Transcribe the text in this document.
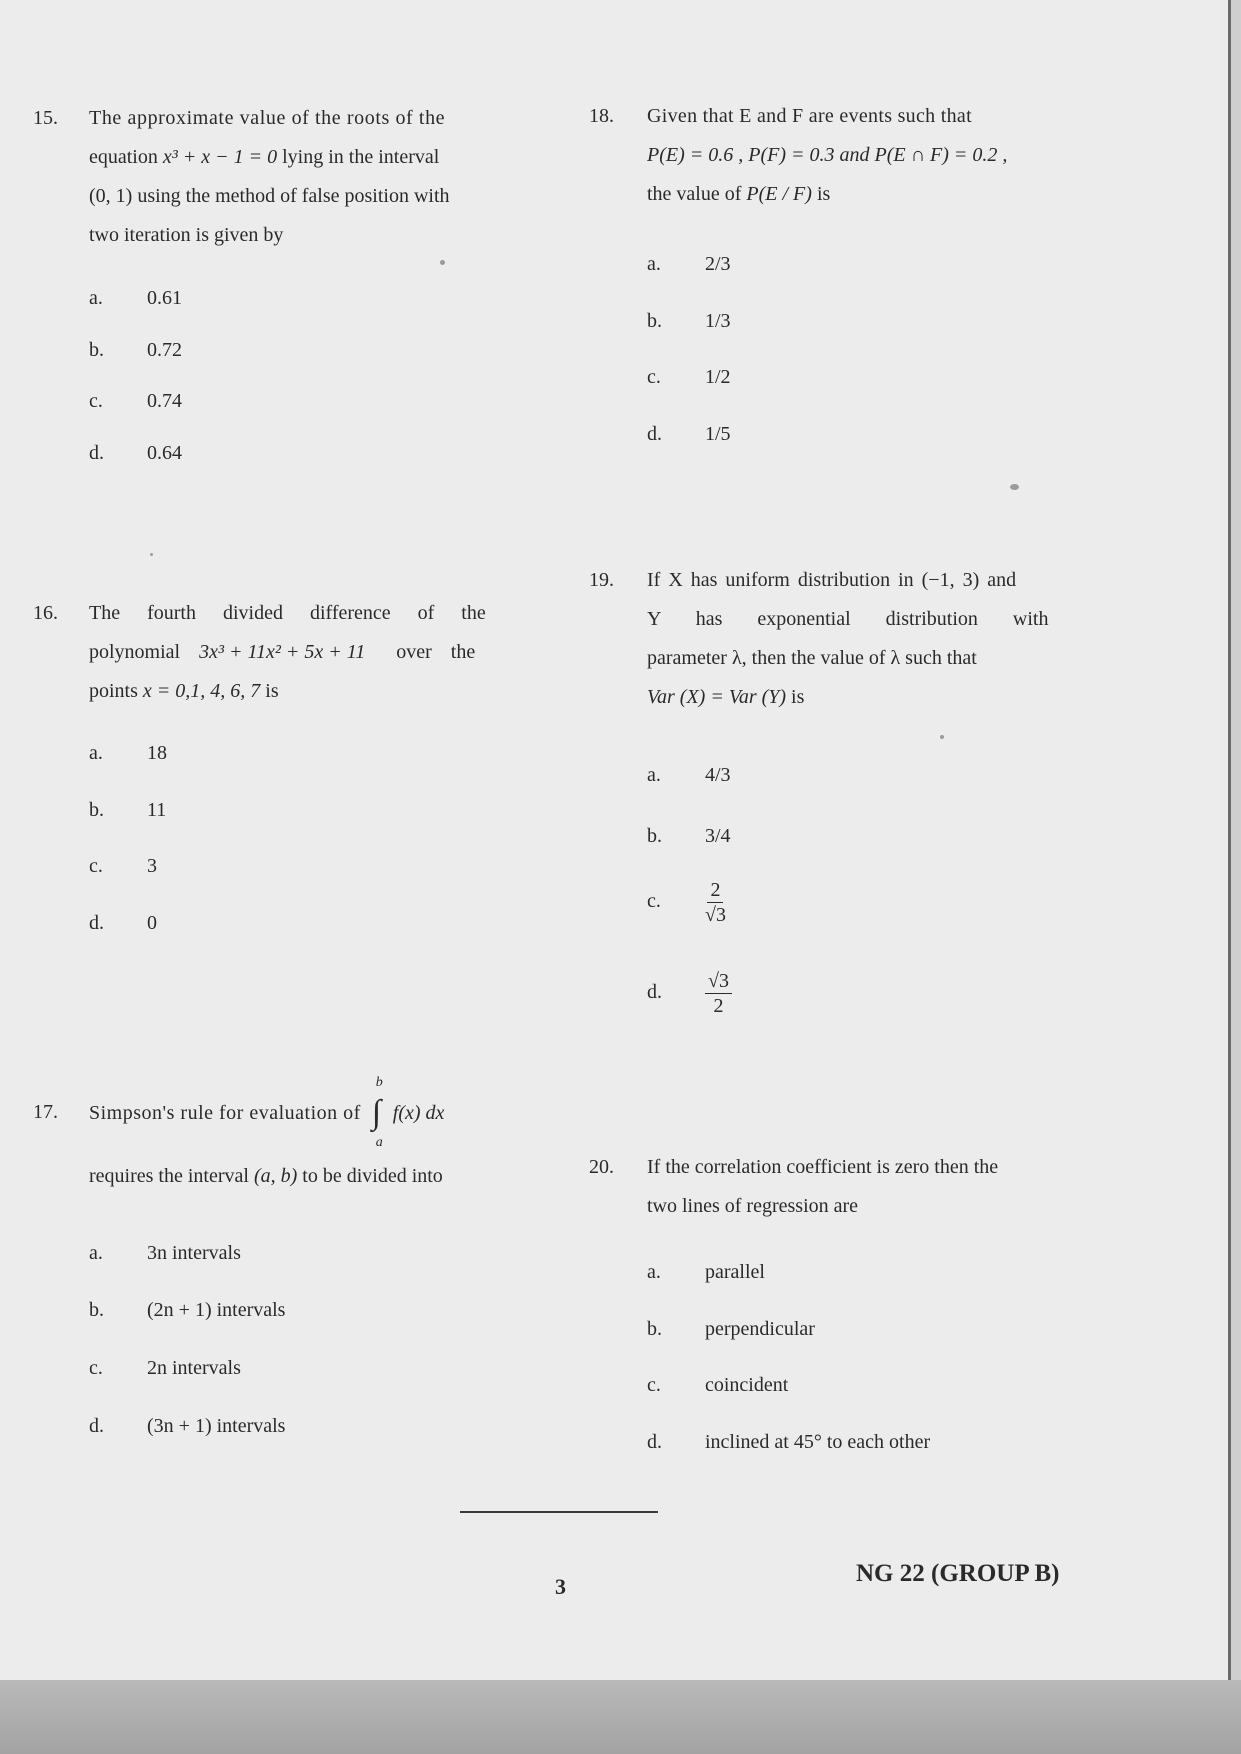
15. The approximate value of the roots of the
equation x³ + x − 1 = 0 lying in the interval
(0, 1) using the method of false position with
two iteration is given by
a. 0.61
b. 0.72
c. 0.74
d. 0.64
16. The fourth divided difference of the
polynomial 3x³ + 11x² + 5x + 11 over the
points x = 0,1, 4, 6, 7 is
a. 18
b. 11
c. 3
d. 0
17. Simpson's rule for evaluation of
b
∫
a
f(x) dx
requires the interval (a, b) to be divided into
a. 3n intervals
b. (2n + 1) intervals
c. 2n intervals
d. (3n + 1) intervals
18. Given that E and F are events such that
P(E) = 0.6 , P(F) = 0.3 and P(E ∩ F) = 0.2 ,
the value of P(E / F) is
a. 2/3
b. 1/3
c. 1/2
d. 1/5
19. If X has uniform distribution in (−1, 3) and
Y has exponential distribution with
parameter λ, then the value of λ such that
Var (X) = Var (Y) is
a. 4/3
b. 3/4
c. $\frac{2}{√3}$
d. $\frac{√3}{2}$
20. If the correlation coefficient is zero then the
two lines of regression are
a. parallel
b. perpendicular
c. coincident
d. inclined at 45° to each other
3	NG 22 (GROUP B)
